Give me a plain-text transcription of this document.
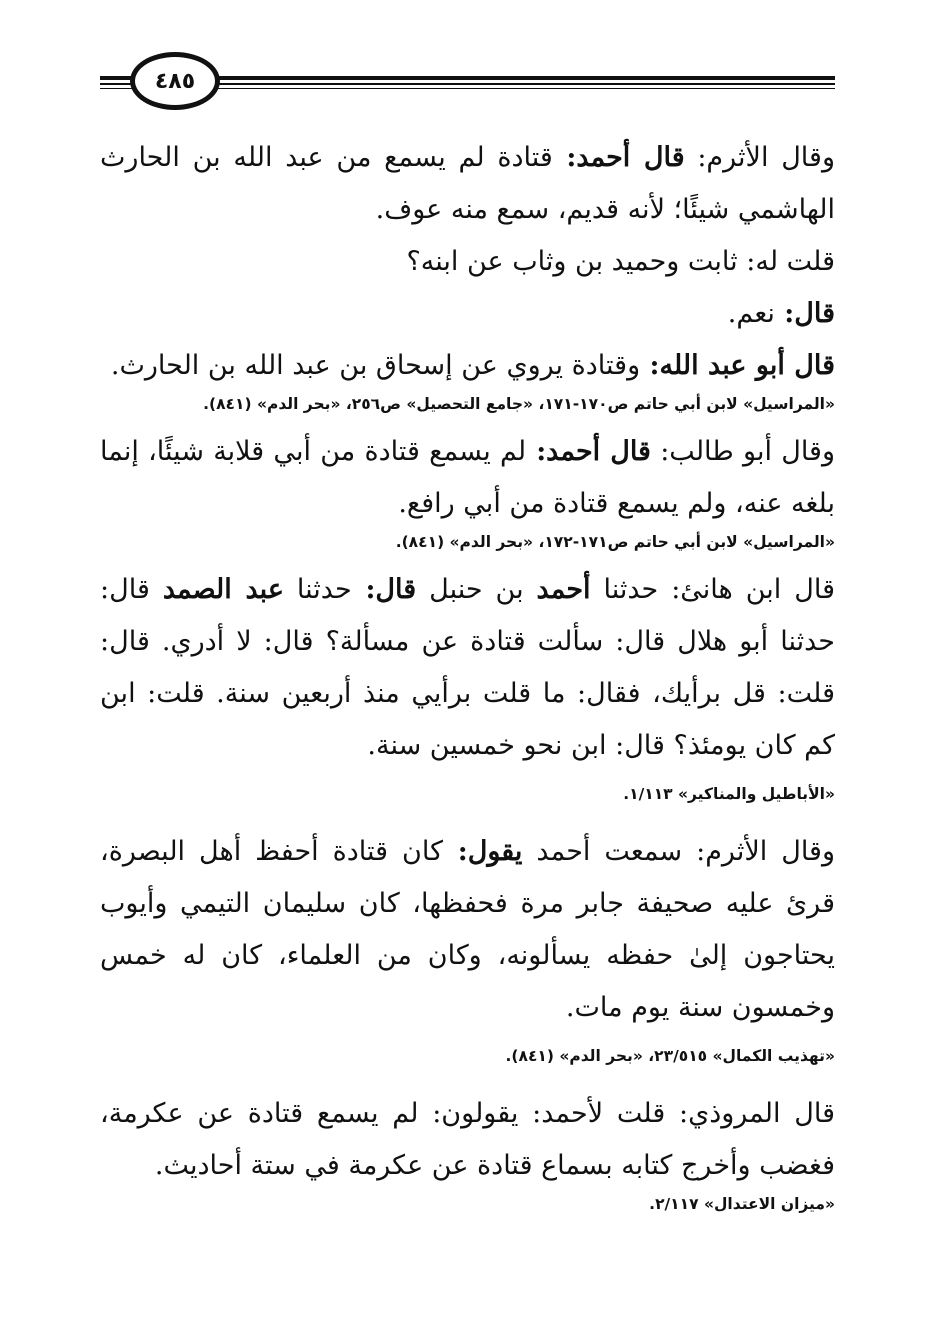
٤٨٥

وقال الأثرم: قال أحمد: قتادة لم يسمع من عبد الله بن الحارث الهاشمي شيئًا؛ لأنه قديم، سمع منه عوف.

قلت له: ثابت وحميد بن وثاب عن ابنه؟

قال: نعم.

قال أبو عبد الله: وقتادة يروي عن إسحاق بن عبد الله بن الحارث.

«المراسيل» لابن أبي حاتم ص١٧٠-١٧١، «جامع التحصيل» ص٢٥٦، «بحر الدم» (٨٤١).

وقال أبو طالب: قال أحمد: لم يسمع قتادة من أبي قلابة شيئًا، إنما بلغه عنه، ولم يسمع قتادة من أبي رافع.

«المراسيل» لابن أبي حاتم ص١٧١-١٧٢، «بحر الدم» (٨٤١).

قال ابن هانئ: حدثنا أحمد بن حنبل قال: حدثنا عبد الصمد قال: حدثنا أبو هلال قال: سألت قتادة عن مسألة؟ قال: لا أدري. قال: قلت: قل برأيك، فقال: ما قلت برأيي منذ أربعين سنة. قلت: ابن كم كان يومئذ؟ قال: ابن نحو خمسين سنة.

«الأباطيل والمناكير» ١/١١٣.

وقال الأثرم: سمعت أحمد يقول: كان قتادة أحفظ أهل البصرة، قرئ عليه صحيفة جابر مرة فحفظها، كان سليمان التيمي وأيوب يحتاجون إلىٰ حفظه يسألونه، وكان من العلماء، كان له خمس وخمسون سنة يوم مات.

«تهذيب الكمال» ٢٣/٥١٥، «بحر الدم» (٨٤١).

قال المروذي: قلت لأحمد: يقولون: لم يسمع قتادة عن عكرمة، فغضب وأخرج كتابه بسماع قتادة عن عكرمة في ستة أحاديث.

«ميزان الاعتدال» ٢/١١٧.
